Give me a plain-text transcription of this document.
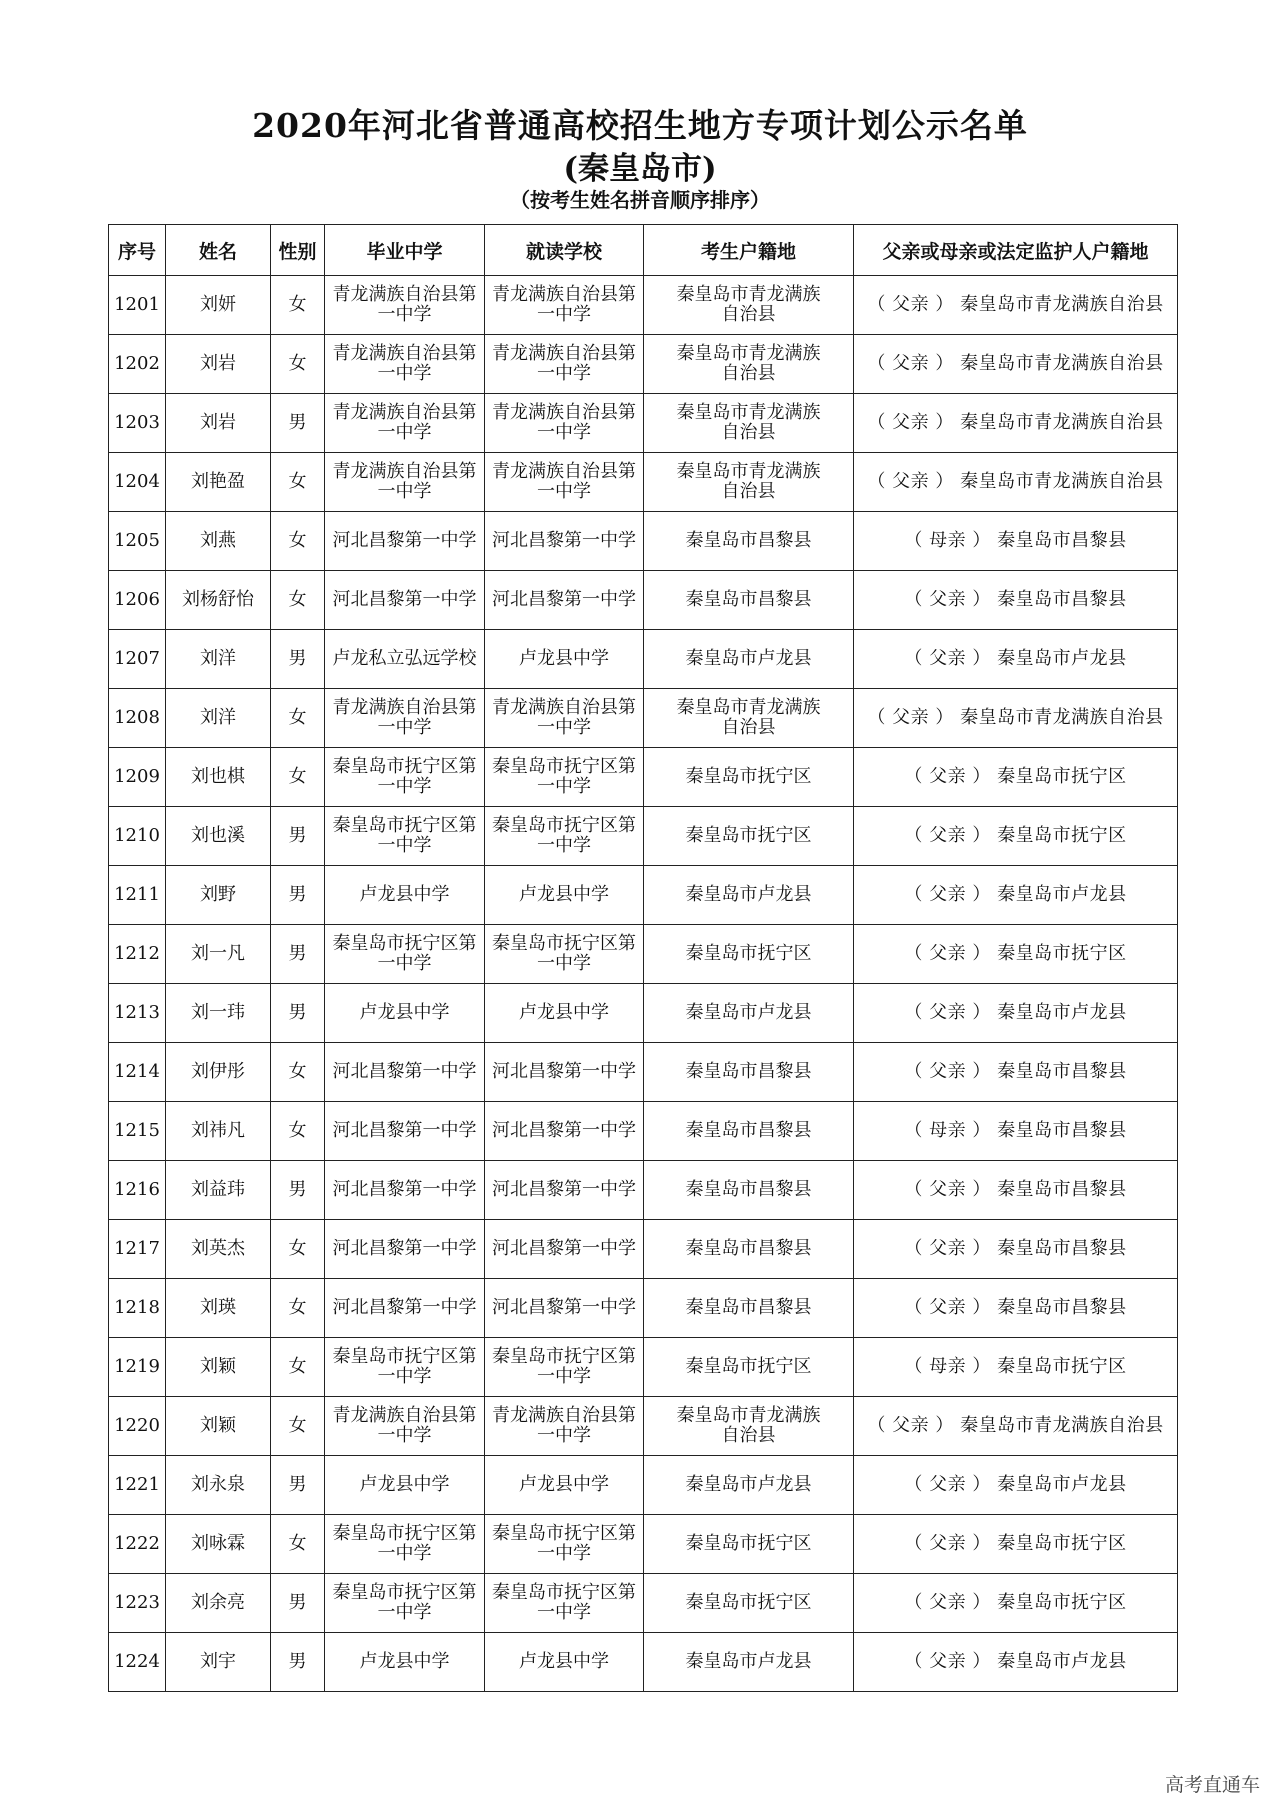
2020年河北省普通高校招生地方专项计划公示名单
(秦皇岛市)
（按考生姓名拼音顺序排序）
序号	姓名	性别	毕业中学	就读学校	考生户籍地	父亲或母亲或法定监护人户籍地
1201	刘妍	女	青龙满族自治县第一中学	青龙满族自治县第一中学	秦皇岛市青龙满族自治县	（ 父亲 ） 秦皇岛市青龙满族自治县
1202	刘岩	女	青龙满族自治县第一中学	青龙满族自治县第一中学	秦皇岛市青龙满族自治县	（ 父亲 ） 秦皇岛市青龙满族自治县
1203	刘岩	男	青龙满族自治县第一中学	青龙满族自治县第一中学	秦皇岛市青龙满族自治县	（ 父亲 ） 秦皇岛市青龙满族自治县
1204	刘艳盈	女	青龙满族自治县第一中学	青龙满族自治县第一中学	秦皇岛市青龙满族自治县	（ 父亲 ） 秦皇岛市青龙满族自治县
1205	刘燕	女	河北昌黎第一中学	河北昌黎第一中学	秦皇岛市昌黎县	（ 母亲 ） 秦皇岛市昌黎县
1206	刘杨舒怡	女	河北昌黎第一中学	河北昌黎第一中学	秦皇岛市昌黎县	（ 父亲 ） 秦皇岛市昌黎县
1207	刘洋	男	卢龙私立弘远学校	卢龙县中学	秦皇岛市卢龙县	（ 父亲 ） 秦皇岛市卢龙县
1208	刘洋	女	青龙满族自治县第一中学	青龙满族自治县第一中学	秦皇岛市青龙满族自治县	（ 父亲 ） 秦皇岛市青龙满族自治县
1209	刘也棋	女	秦皇岛市抚宁区第一中学	秦皇岛市抚宁区第一中学	秦皇岛市抚宁区	（ 父亲 ） 秦皇岛市抚宁区
1210	刘也溪	男	秦皇岛市抚宁区第一中学	秦皇岛市抚宁区第一中学	秦皇岛市抚宁区	（ 父亲 ） 秦皇岛市抚宁区
1211	刘野	男	卢龙县中学	卢龙县中学	秦皇岛市卢龙县	（ 父亲 ） 秦皇岛市卢龙县
1212	刘一凡	男	秦皇岛市抚宁区第一中学	秦皇岛市抚宁区第一中学	秦皇岛市抚宁区	（ 父亲 ） 秦皇岛市抚宁区
1213	刘一玮	男	卢龙县中学	卢龙县中学	秦皇岛市卢龙县	（ 父亲 ） 秦皇岛市卢龙县
1214	刘伊彤	女	河北昌黎第一中学	河北昌黎第一中学	秦皇岛市昌黎县	（ 父亲 ） 秦皇岛市昌黎县
1215	刘祎凡	女	河北昌黎第一中学	河北昌黎第一中学	秦皇岛市昌黎县	（ 母亲 ） 秦皇岛市昌黎县
1216	刘益玮	男	河北昌黎第一中学	河北昌黎第一中学	秦皇岛市昌黎县	（ 父亲 ） 秦皇岛市昌黎县
1217	刘英杰	女	河北昌黎第一中学	河北昌黎第一中学	秦皇岛市昌黎县	（ 父亲 ） 秦皇岛市昌黎县
1218	刘瑛	女	河北昌黎第一中学	河北昌黎第一中学	秦皇岛市昌黎县	（ 父亲 ） 秦皇岛市昌黎县
1219	刘颖	女	秦皇岛市抚宁区第一中学	秦皇岛市抚宁区第一中学	秦皇岛市抚宁区	（ 母亲 ） 秦皇岛市抚宁区
1220	刘颖	女	青龙满族自治县第一中学	青龙满族自治县第一中学	秦皇岛市青龙满族自治县	（ 父亲 ） 秦皇岛市青龙满族自治县
1221	刘永泉	男	卢龙县中学	卢龙县中学	秦皇岛市卢龙县	（ 父亲 ） 秦皇岛市卢龙县
1222	刘咏霖	女	秦皇岛市抚宁区第一中学	秦皇岛市抚宁区第一中学	秦皇岛市抚宁区	（ 父亲 ） 秦皇岛市抚宁区
1223	刘余亮	男	秦皇岛市抚宁区第一中学	秦皇岛市抚宁区第一中学	秦皇岛市抚宁区	（ 父亲 ） 秦皇岛市抚宁区
1224	刘宇	男	卢龙县中学	卢龙县中学	秦皇岛市卢龙县	（ 父亲 ） 秦皇岛市卢龙县
高考直通车
